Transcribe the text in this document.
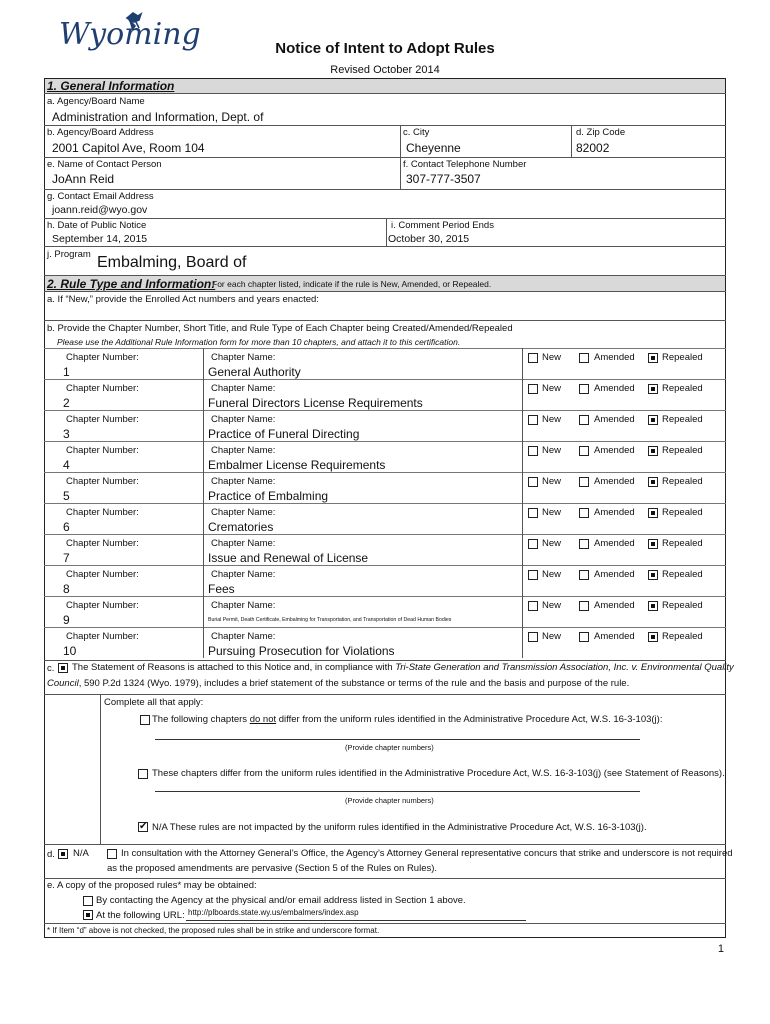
Wyoming	Notice of Intent to Adopt Rules
Revised October 2014
1. General Information
a. Agency/Board Name
Administration and Information, Dept. of
b. Agency/Board Address
2001 Capitol Ave, Room 104
c. City
Cheyenne
d. Zip Code
82002
e. Name of Contact Person
JoAnn Reid
f. Contact Telephone Number
307-777-3507
g. Contact Email Address
joann.reid@wyo.gov
h. Date of Public Notice
September 14, 2015
i. Comment Period Ends
October 30, 2015
j. Program Embalming, Board of
2. Rule Type and Information:
For each chapter listed, indicate if the rule is New, Amended, or Repealed.
a. If “New,” provide the Enrolled Act numbers and years enacted:
b. Provide the Chapter Number, Short Title, and Rule Type of Each Chapter being Created/Amended/Repealed
Please use the Additional Rule Information form for more than 10 chapters, and attach it to this certification.
Chapter Number:
1
Chapter Name:
General Authority
New	Amended	Repealed
Chapter Number:
2
Chapter Name:
Funeral Directors License Requirements
New	Amended	Repealed
Chapter Number:
3
Chapter Name:
Practice of Funeral Directing
New	Amended	Repealed
Chapter Number:
4
Chapter Name:
Embalmer License Requirements
New	Amended	Repealed
Chapter Number:
5
Chapter Name:
Practice of Embalming
New	Amended	Repealed
Chapter Number:
6
Chapter Name:
Crematories
New	Amended	Repealed
Chapter Number:
7
Chapter Name:
Issue and Renewal of License
New	Amended	Repealed
Chapter Number:
8
Chapter Name:
Fees
New	Amended	Repealed
Chapter Number:
9
Chapter Name:
Burial Permit, Death Certificate, Embalming for Transportation, and Transportation of Dead Human Bodies
New	Amended	Repealed
Chapter Number:
10
Chapter Name:
Pursuing Prosecution for Violations
New	Amended	Repealed
c. The Statement of Reasons is attached to this Notice and, in compliance with Tri-State Generation and Transmission Association, Inc. v. Environmental Quality
Council, 590 P.2d 1324 (Wyo. 1979), includes a brief statement of the substance or terms of the rule and the basis and purpose of the rule.
Complete all that apply:
The following chapters do not differ from the uniform rules identified in the Administrative Procedure Act, W.S. 16-3-103(j):
(Provide chapter numbers)
These chapters differ from the uniform rules identified in the Administrative Procedure Act, W.S. 16-3-103(j) (see Statement of Reasons).
(Provide chapter numbers)
✔ N/A These rules are not impacted by the uniform rules identified in the Administrative Procedure Act, W.S. 16-3-103(j).
d. N/A	In consultation with the Attorney General’s Office, the Agency’s Attorney General representative concurs that strike and underscore is not required
as the proposed amendments are pervasive (Section 5 of the Rules on Rules).
e. A copy of the proposed rules* may be obtained:
By contacting the Agency at the physical and/or email address listed in Section 1 above.
At the following URL: http://plboards.state.wy.us/embalmers/index.asp
* If Item “d” above is not checked, the proposed rules shall be in strike and underscore format.
1
